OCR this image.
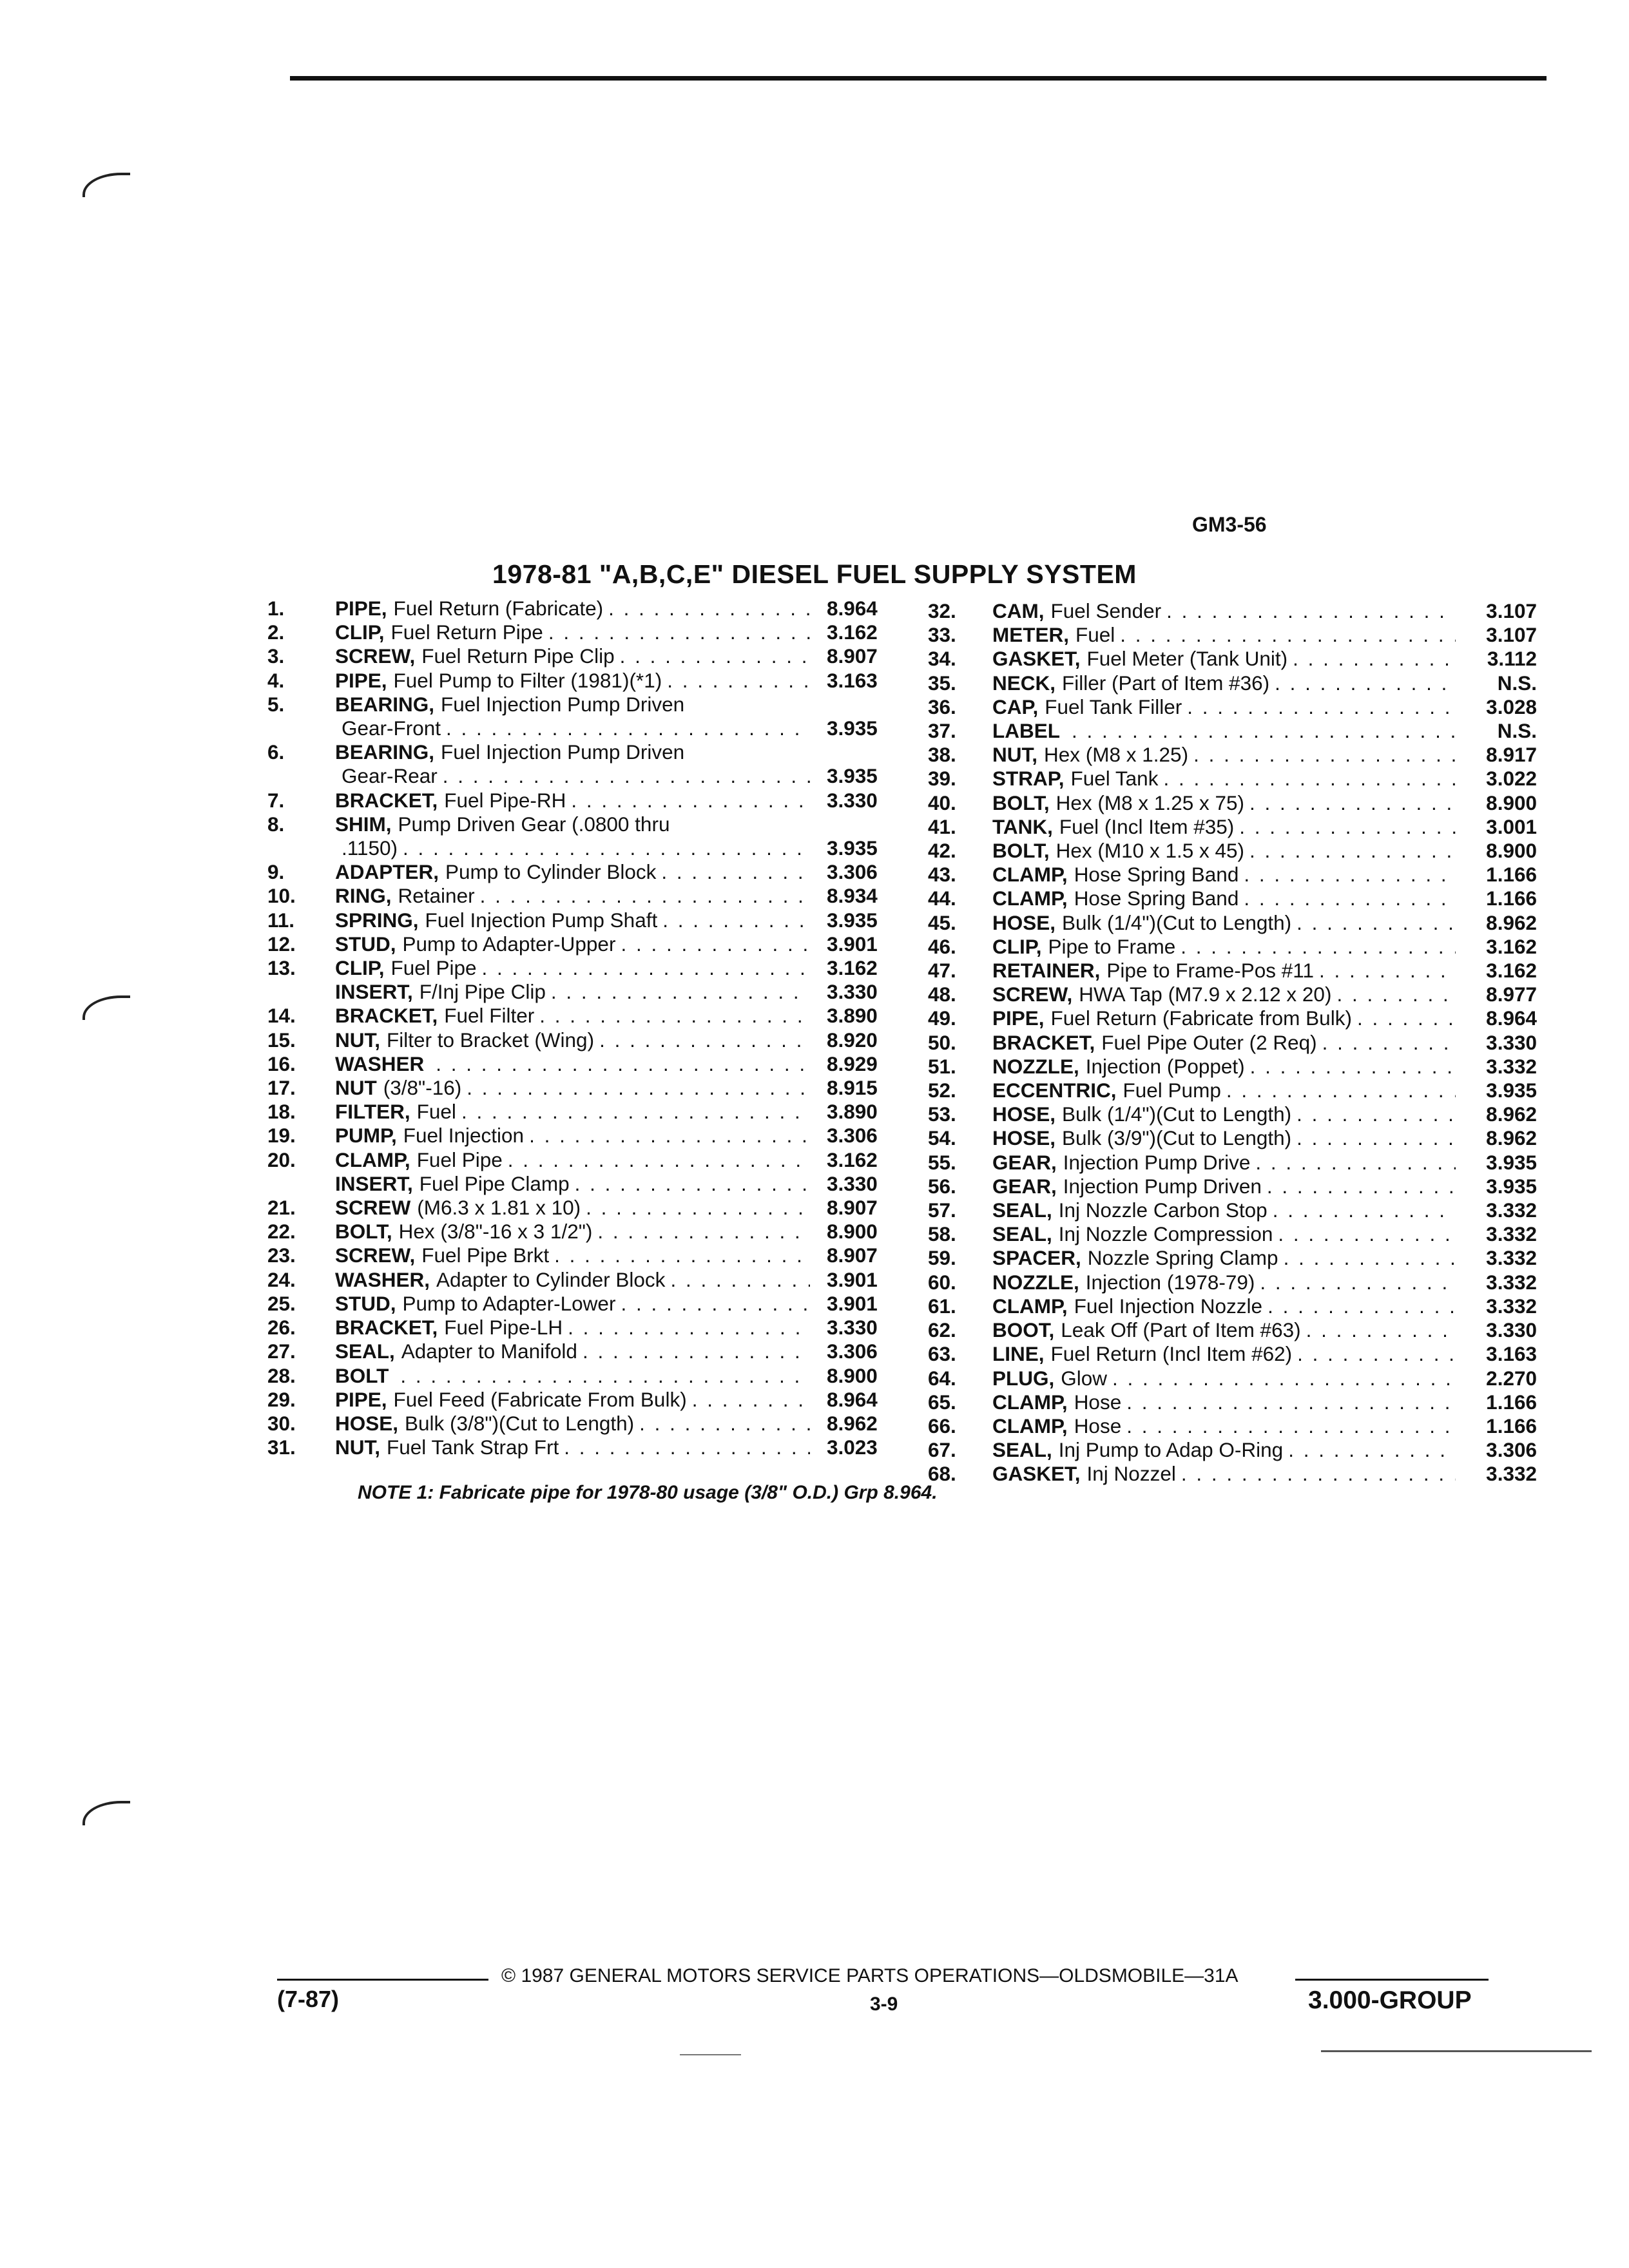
GM3-56
1978-81 "A,B,C,E" DIESEL FUEL SUPPLY SYSTEM
1.	PIPE, Fuel Return (Fabricate) . . .	8.964
2.	CLIP, Fuel Return Pipe . . .	3.162
3.	SCREW, Fuel Return Pipe Clip . . .	8.907
4.	PIPE, Fuel Pump to Filter (1981)(*1) . . .	3.163
5.	BEARING, Fuel Injection Pump Driven
Gear-Front . . .	3.935
6.	BEARING, Fuel Injection Pump Driven
Gear-Rear . . .	3.935
7.	BRACKET, Fuel Pipe-RH . . .	3.330
8.	SHIM, Pump Driven Gear (.0800 thru
.1150) . . .	3.935
9.	ADAPTER, Pump to Cylinder Block . . .	3.306
10.	RING, Retainer . . .	8.934
11.	SPRING, Fuel Injection Pump Shaft . . .	3.935
12.	STUD, Pump to Adapter-Upper . . .	3.901
13.	CLIP, Fuel Pipe . . .	3.162
INSERT, F/Inj Pipe Clip . . .	3.330
14.	BRACKET, Fuel Filter . . .	3.890
15.	NUT, Filter to Bracket (Wing) . . .	8.920
16.	WASHER . . .	8.929
17.	NUT (3/8"-16) . . .	8.915
18.	FILTER, Fuel . . .	3.890
19.	PUMP, Fuel Injection . . .	3.306
20.	CLAMP, Fuel Pipe . . .	3.162
INSERT, Fuel Pipe Clamp . . .	3.330
21.	SCREW (M6.3 x 1.81 x 10) . . .	8.907
22.	BOLT, Hex (3/8"-16 x 3 1/2") . . .	8.900
23.	SCREW, Fuel Pipe Brkt . . .	8.907
24.	WASHER, Adapter to Cylinder Block . . .	3.901
25.	STUD, Pump to Adapter-Lower . . .	3.901
26.	BRACKET, Fuel Pipe-LH . . .	3.330
27.	SEAL, Adapter to Manifold . . .	3.306
28.	BOLT . . .	8.900
29.	PIPE, Fuel Feed (Fabricate From Bulk) . . .	8.964
30.	HOSE, Bulk (3/8")(Cut to Length) . . .	8.962
31.	NUT, Fuel Tank Strap Frt . . .	3.023
32.	CAM, Fuel Sender . . .	3.107
33.	METER, Fuel . . .	3.107
34.	GASKET, Fuel Meter (Tank Unit) . . .	3.112
35.	NECK, Filler (Part of Item #36) . . .	N.S.
36.	CAP, Fuel Tank Filler . . .	3.028
37.	LABEL . . .	N.S.
38.	NUT, Hex (M8 x 1.25) . . .	8.917
39.	STRAP, Fuel Tank . . .	3.022
40.	BOLT, Hex (M8 x 1.25 x 75) . . .	8.900
41.	TANK, Fuel (Incl Item #35) . . .	3.001
42.	BOLT, Hex (M10 x 1.5 x 45) . . .	8.900
43.	CLAMP, Hose Spring Band . . .	1.166
44.	CLAMP, Hose Spring Band . . .	1.166
45.	HOSE, Bulk (1/4")(Cut to Length) . . .	8.962
46.	CLIP, Pipe to Frame . . .	3.162
47.	RETAINER, Pipe to Frame-Pos #11 . . .	3.162
48.	SCREW, HWA Tap (M7.9 x 2.12 x 20) . . .	8.977
49.	PIPE, Fuel Return (Fabricate from Bulk) . . .	8.964
50.	BRACKET, Fuel Pipe Outer (2 Req) . . .	3.330
51.	NOZZLE, Injection (Poppet) . . .	3.332
52.	ECCENTRIC, Fuel Pump . . .	3.935
53.	HOSE, Bulk (1/4")(Cut to Length) . . .	8.962
54.	HOSE, Bulk (3/9")(Cut to Length) . . .	8.962
55.	GEAR, Injection Pump Drive . . .	3.935
56.	GEAR, Injection Pump Driven . . .	3.935
57.	SEAL, Inj Nozzle Carbon Stop . . .	3.332
58.	SEAL, Inj Nozzle Compression . . .	3.332
59.	SPACER, Nozzle Spring Clamp . . .	3.332
60.	NOZZLE, Injection (1978-79) . . .	3.332
61.	CLAMP, Fuel Injection Nozzle . . .	3.332
62.	BOOT, Leak Off (Part of Item #63) . . .	3.330
63.	LINE, Fuel Return (Incl Item #62) . . .	3.163
64.	PLUG, Glow . . .	2.270
65.	CLAMP, Hose . . .	1.166
66.	CLAMP, Hose . . .	1.166
67.	SEAL, Inj Pump to Adap O-Ring . . .	3.306
68.	GASKET, Inj Nozzel . . .	3.332
NOTE 1: Fabricate pipe for 1978-80 usage (3/8" O.D.) Grp 8.964.
© 1987 GENERAL MOTORS SERVICE PARTS OPERATIONS—OLDSMOBILE—31A
(7-87)	3-9	3.000-GROUP
